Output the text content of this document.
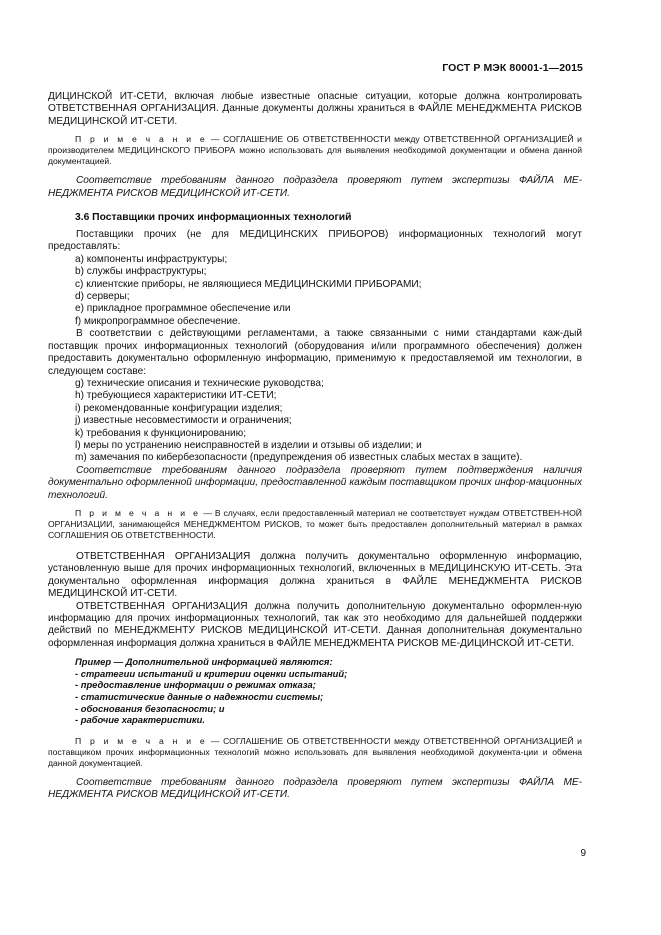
ГОСТ Р МЭК 80001-1—2015

ДИЦИНСКОЙ ИТ-СЕТИ, включая любые известные опасные ситуации, которые должна контролировать ОТВЕТСТВЕННАЯ ОРГАНИЗАЦИЯ. Данные документы должны храниться в ФАЙЛЕ МЕНЕДЖМЕНТА РИСКОВ МЕДИЦИНСКОЙ ИТ-СЕТИ.

П р и м е ч а н и е — СОГЛАШЕНИЕ ОБ ОТВЕТСТВЕННОСТИ между ОТВЕТСТВЕННОЙ ОРГАНИЗАЦИЕЙ и производителем МЕДИЦИНСКОГО ПРИБОРА можно использовать для выявления необходимой документации и обмена данной документацией.

Соответствие требованиям данного подраздела проверяют путем экспертизы ФАЙЛА МЕ-НЕДЖМЕНТА РИСКОВ МЕДИЦИНСКОЙ ИТ-СЕТИ.

3.6 Поставщики прочих информационных технологий

Поставщики прочих (не для МЕДИЦИНСКИХ ПРИБОРОВ) информационных технологий могут предоставлять:

a) компоненты инфраструктуры;

b) службы инфраструктуры;

c) клиентские приборы, не являющиеся МЕДИЦИНСКИМИ ПРИБОРАМИ;

d) серверы;

e) прикладное программное обеспечение или

f) микропрограммное обеспечение.

В соответствии с действующими регламентами, а также связанными с ними стандартами каж-дый поставщик прочих информационных технологий (оборудования и/или программного обеспечения) должен предоставить документально оформленную информацию, применимую к предоставляемой им технологии, в следующем составе:

g) технические описания и технические руководства;

h) требующиеся характеристики ИТ-СЕТИ;

i) рекомендованные конфигурации изделия;

j) известные несовместимости и ограничения;

k) требования к функционированию;

l) меры по устранению неисправностей в изделии и отзывы об изделии; и

m) замечания по кибербезопасности (предупреждения об известных слабых местах в защите).

Соответствие требованиям данного подраздела проверяют путем подтверждения наличия документально оформленной информации, предоставленной каждым поставщиком прочих инфор-мационных технологий.

П р и м е ч а н и е — В случаях, если предоставленный материал не соответствует нуждам ОТВЕТСТВЕН-НОЙ ОРГАНИЗАЦИИ, занимающейся МЕНЕДЖМЕНТОМ РИСКОВ, то может быть предоставлен дополнительный материал в рамках СОГЛАШЕНИЯ ОБ ОТВЕТСТВЕННОСТИ.

ОТВЕТСТВЕННАЯ ОРГАНИЗАЦИЯ должна получить документально оформленную информацию, установленную выше для прочих информационных технологий, включенных в МЕДИЦИНСКУЮ ИТ-СЕТЬ. Эта документально оформленная информация должна храниться в ФАЙЛЕ МЕНЕДЖМЕНТА РИСКОВ МЕДИЦИНСКОЙ ИТ-СЕТИ.

ОТВЕТСТВЕННАЯ ОРГАНИЗАЦИЯ должна получить дополнительную документально оформлен-ную информацию для прочих информационных технологий, так как это необходимо для дальнейшей поддержки действий по МЕНЕДЖМЕНТУ РИСКОВ МЕДИЦИНСКОЙ ИТ-СЕТИ. Данная дополнительная документально оформленная информация должна храниться в ФАЙЛЕ МЕНЕДЖМЕНТА РИСКОВ МЕ-ДИЦИНСКОЙ ИТ-СЕТИ.

Пример — Дополнительной информацией являются:

- стратегии испытаний и критерии оценки испытаний;

- предоставление информации о режимах отказа;

- статистические данные о надежности системы;

- обоснования безопасности; и

- рабочие характеристики.

П р и м е ч а н и е — СОГЛАШЕНИЕ ОБ ОТВЕТСТВЕННОСТИ между ОТВЕТСТВЕННОЙ ОРГАНИЗАЦИЕЙ и поставщиком прочих информационных технологий можно использовать для выявления необходимой документа-ции и обмена данной документацией.

Соответствие требованиям данного подраздела проверяют путем экспертизы ФАЙЛА МЕ-НЕДЖМЕНТА РИСКОВ МЕДИЦИНСКОЙ ИТ-СЕТИ.

9
